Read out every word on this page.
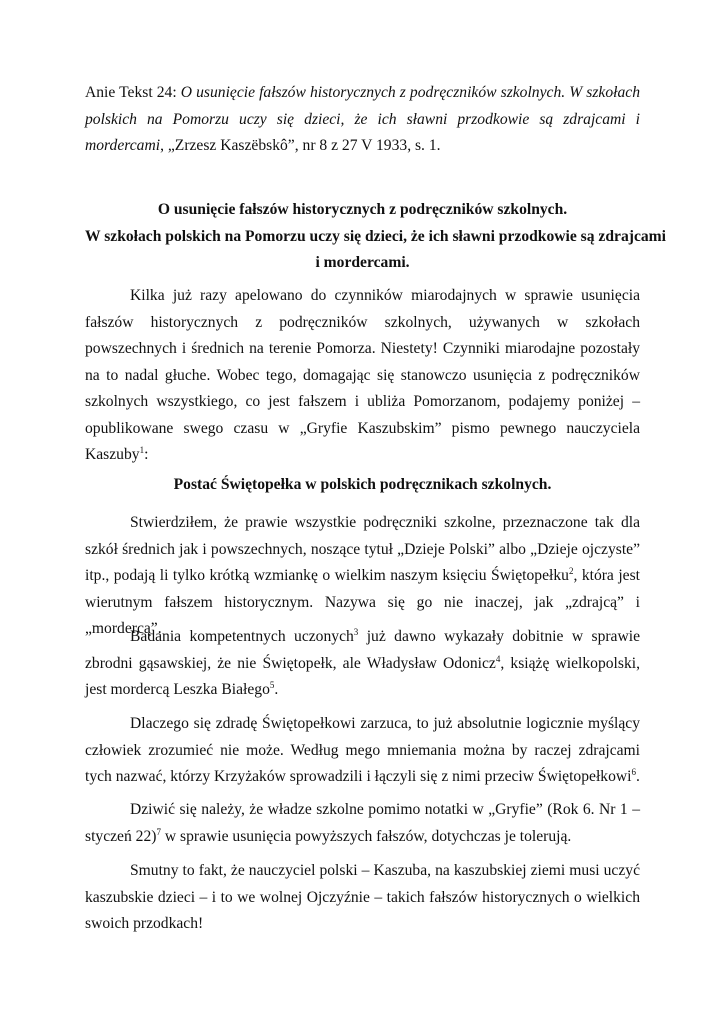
Anie Tekst 24: O usunięcie fałszów historycznych z podręczników szkolnych. W szkołach polskich na Pomorzu uczy się dzieci, że ich sławni przodkowie są zdrajcami i mordercami, „Zrzesz Kaszëbskô”, nr 8 z 27 V 1933, s. 1.

O usunięcie fałszów historycznych z podręczników szkolnych.
W szkołach polskich na Pomorzu uczy się dzieci, że ich sławni przodkowie są zdrajcami
i mordercami.

Kilka już razy apelowano do czynników miarodajnych w sprawie usunięcia fałszów historycznych z podręczników szkolnych, używanych w szkołach powszechnych i średnich na terenie Pomorza. Niestety! Czynniki miarodajne pozostały na to nadal głuche. Wobec tego, domagając się stanowczo usunięcia z podręczników szkolnych wszystkiego, co jest fałszem i ubliża Pomorzanom, podajemy poniżej – opublikowane swego czasu w „Gryfie Kaszubskim” pismo pewnego nauczyciela Kaszuby$^1$:

Postać Świętopełka w polskich podręcznikach szkolnych.

Stwierdziłem, że prawie wszystkie podręczniki szkolne, przeznaczone tak dla szkół średnich jak i powszechnych, noszące tytuł „Dzieje Polski” albo „Dzieje ojczyste” itp., podają li tylko krótką wzmiankę o wielkim naszym księciu Świętopełku$^2$, która jest wierutnym fałszem historycznym. Nazywa się go nie inaczej, jak „zdrajcą” i „mordercą”.

Badania kompetentnych uczonych$^3$ już dawno wykazały dobitnie w sprawie zbrodni gąsawskiej, że nie Świętopełk, ale Władysław Odonicz$^4$, książę wielkopolski, jest mordercą Leszka Białego$^5$.

Dlaczego się zdradę Świętopełkowi zarzuca, to już absolutnie logicznie myślący człowiek zrozumieć nie może. Według mego mniemania można by raczej zdrajcami tych nazwać, którzy Krzyżaków sprowadzili i łączyli się z nimi przeciw Świętopełkowi$^6$.

Dziwić się należy, że władze szkolne pomimo notatki w „Gryfie” (Rok 6. Nr 1 – styczeń 22)$^7$ w sprawie usunięcia powyższych fałszów, dotychczas je tolerują.

Smutny to fakt, że nauczyciel polski – Kaszuba, na kaszubskiej ziemi musi uczyć kaszubskie dzieci – i to we wolnej Ojczyźnie – takich fałszów historycznych o wielkich swoich przodkach!
